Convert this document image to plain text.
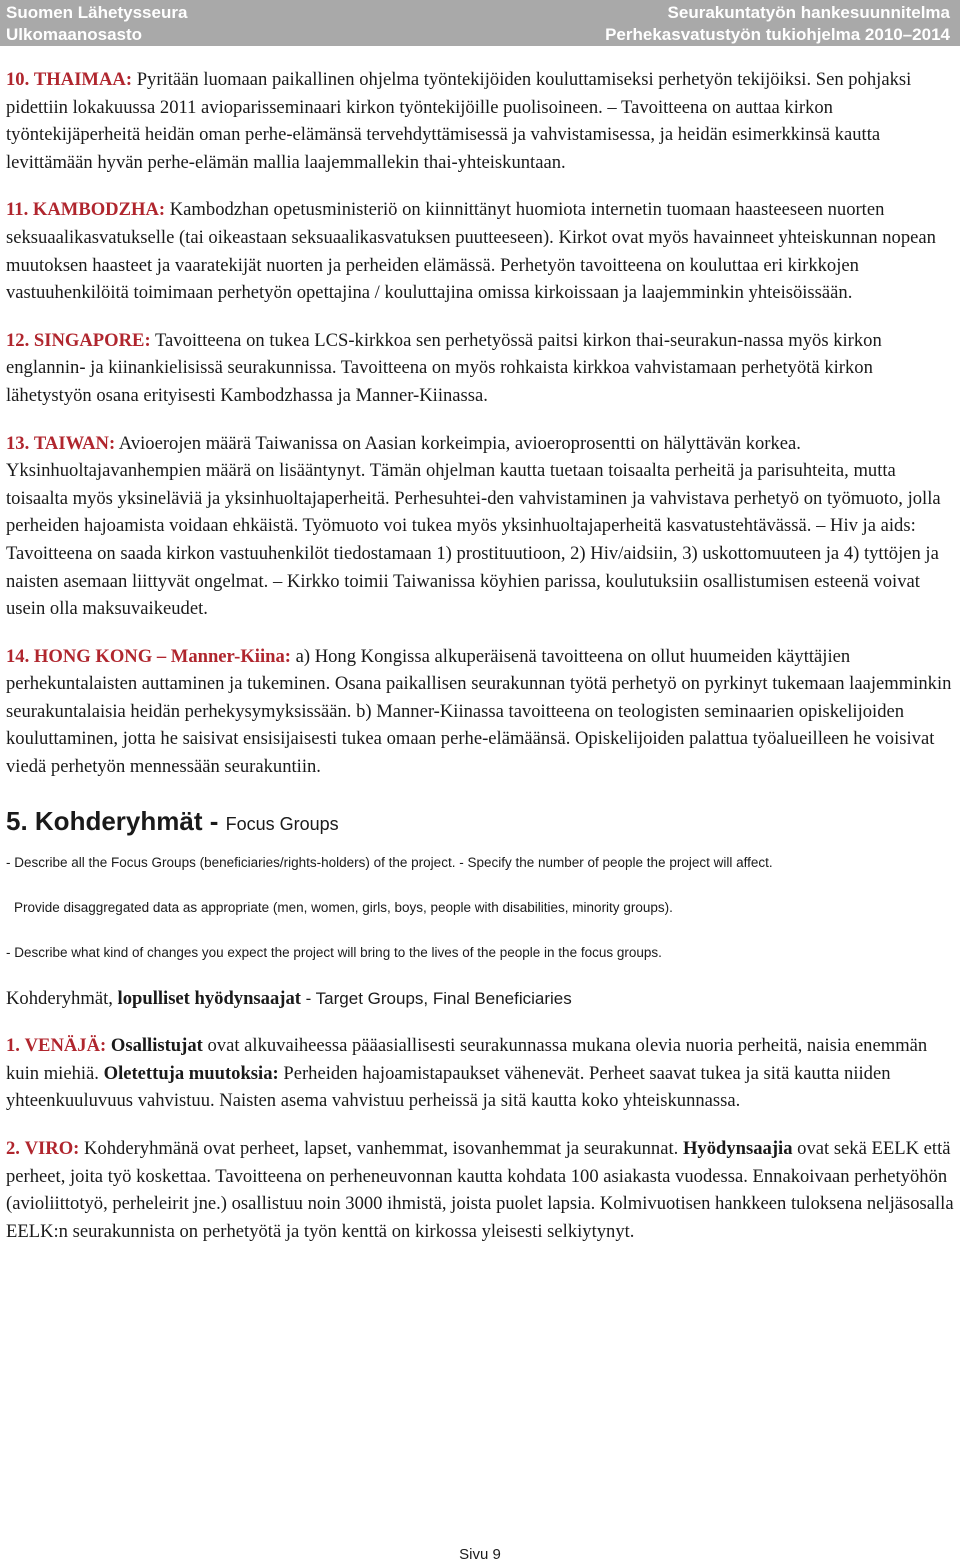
Suomen Lähetysseura
Ulkomaanosasto
Seurakuntatyön hankesuunnitelma
Perhekasvatustyön tukiohjelma 2010–2014

10. THAIMAA: Pyritään luomaan paikallinen ohjelma työntekijöiden kouluttamiseksi perhetyön tekijöiksi. Sen pohjaksi pidettiin lokakuussa 2011 avioparisseminaari kirkon työntekijöille puolisoineen. – Tavoitteena on auttaa kirkon työntekijäperheitä heidän oman perhe-elämänsä tervehdyttämisessä ja vahvistamisessa, ja heidän esimerkkinsä kautta levittämään hyvän perhe-elämän mallia laajemmallekin thai-yhteiskuntaan.

11. KAMBODZHA: Kambodzhan opetusministeriö on kiinnittänyt huomiota internetin tuomaan haasteeseen nuorten seksuaalikasvatukselle (tai oikeastaan seksuaalikasvatuksen puutteeseen). Kirkot ovat myös havainneet yhteiskunnan nopean muutoksen haasteet ja vaaratekijät nuorten ja perheiden elämässä. Perhetyön tavoitteena on kouluttaa eri kirkkojen vastuuhenkilöitä toimimaan perhetyön opettajina / kouluttajina omissa kirkoissaan ja laajemminkin yhteisöissään.

12. SINGAPORE: Tavoitteena on tukea LCS-kirkkoa sen perhetyössä paitsi kirkon thai-seurakun-nassa myös kirkon englannin- ja kiinankielisissä seurakunnissa. Tavoitteena on myös rohkaista kirkkoa vahvistamaan perhetyötä kirkon lähetystyön osana erityisesti Kambodzhassa ja Manner-Kiinassa.

13. TAIWAN: Avioerojen määrä Taiwanissa on Aasian korkeimpia, avioeroprosentti on hälyttävän korkea. Yksinhuoltajavanhempien määrä on lisääntynyt. Tämän ohjelman kautta tuetaan toisaalta perheitä ja parisuhteita, mutta toisaalta myös yksineläviä ja yksinhuoltajaperheitä. Perhesuhtei-den vahvistaminen ja vahvistava perhetyö on työmuoto, jolla perheiden hajoamista voidaan ehkäistä. Työmuoto voi tukea myös yksinhuoltajaperheitä kasvatustehtävässä. – Hiv ja aids: Tavoitteena on saada kirkon vastuuhenkilöt tiedostamaan 1) prostituutioon, 2) Hiv/aidsiin, 3) uskottomuuteen ja 4) tyttöjen ja naisten asemaan liittyvät ongelmat. – Kirkko toimii Taiwanissa köyhien parissa, koulutuksiin osallistumisen esteenä voivat usein olla maksuvaikeudet.

14. HONG KONG – Manner-Kiina: a) Hong Kongissa alkuperäisenä tavoitteena on ollut huumeiden käyttäjien perhekuntalaisten auttaminen ja tukeminen. Osana paikallisen seurakunnan työtä perhetyö on pyrkinyt tukemaan laajemminkin seurakuntalaisia heidän perhekysymyksissään. b) Manner-Kiinassa tavoitteena on teologisten seminaarien opiskelijoiden kouluttaminen, jotta he saisivat ensisijaisesti tukea omaan perhe-elämäänsä. Opiskelijoiden palattua työalueilleen he voisivat viedä perhetyön mennessään seurakuntiin.

5. Kohderyhmät - Focus Groups

- Describe all the Focus Groups (beneficiaries/rights-holders) of the project. - Specify the number of people the project will affect.

Provide disaggregated data as appropriate (men, women, girls, boys, people with disabilities, minority groups).

- Describe what kind of changes you expect the project will bring to the lives of the people in the focus groups.

Kohderyhmät, lopulliset hyödynsaajat - Target Groups, Final Beneficiaries

1. VENÄJÄ: Osallistujat ovat alkuvaiheessa pääasiallisesti seurakunnassa mukana olevia nuoria perheitä, naisia enemmän kuin miehiä. Oletettuja muutoksia: Perheiden hajoamistapaukset vähenevät. Perheet saavat tukea ja sitä kautta niiden yhteenkuuluvuus vahvistuu. Naisten asema vahvistuu perheissä ja sitä kautta koko yhteiskunnassa.

2. VIRO: Kohderyhmänä ovat perheet, lapset, vanhemmat, isovanhemmat ja seurakunnat. Hyödynsaajia ovat sekä EELK että perheet, joita työ koskettaa. Tavoitteena on perheneuvonnan kautta kohdata 100 asiakasta vuodessa. Ennakoivaan perhetyöhön (avioliittotyö, perheleirit jne.) osallistuu noin 3000 ihmistä, joista puolet lapsia. Kolmivuotisen hankkeen tuloksena neljäsosalla EELK:n seurakunnista on perhetyötä ja työn kenttä on kirkossa yleisesti selkiytynyt.

Sivu 9
